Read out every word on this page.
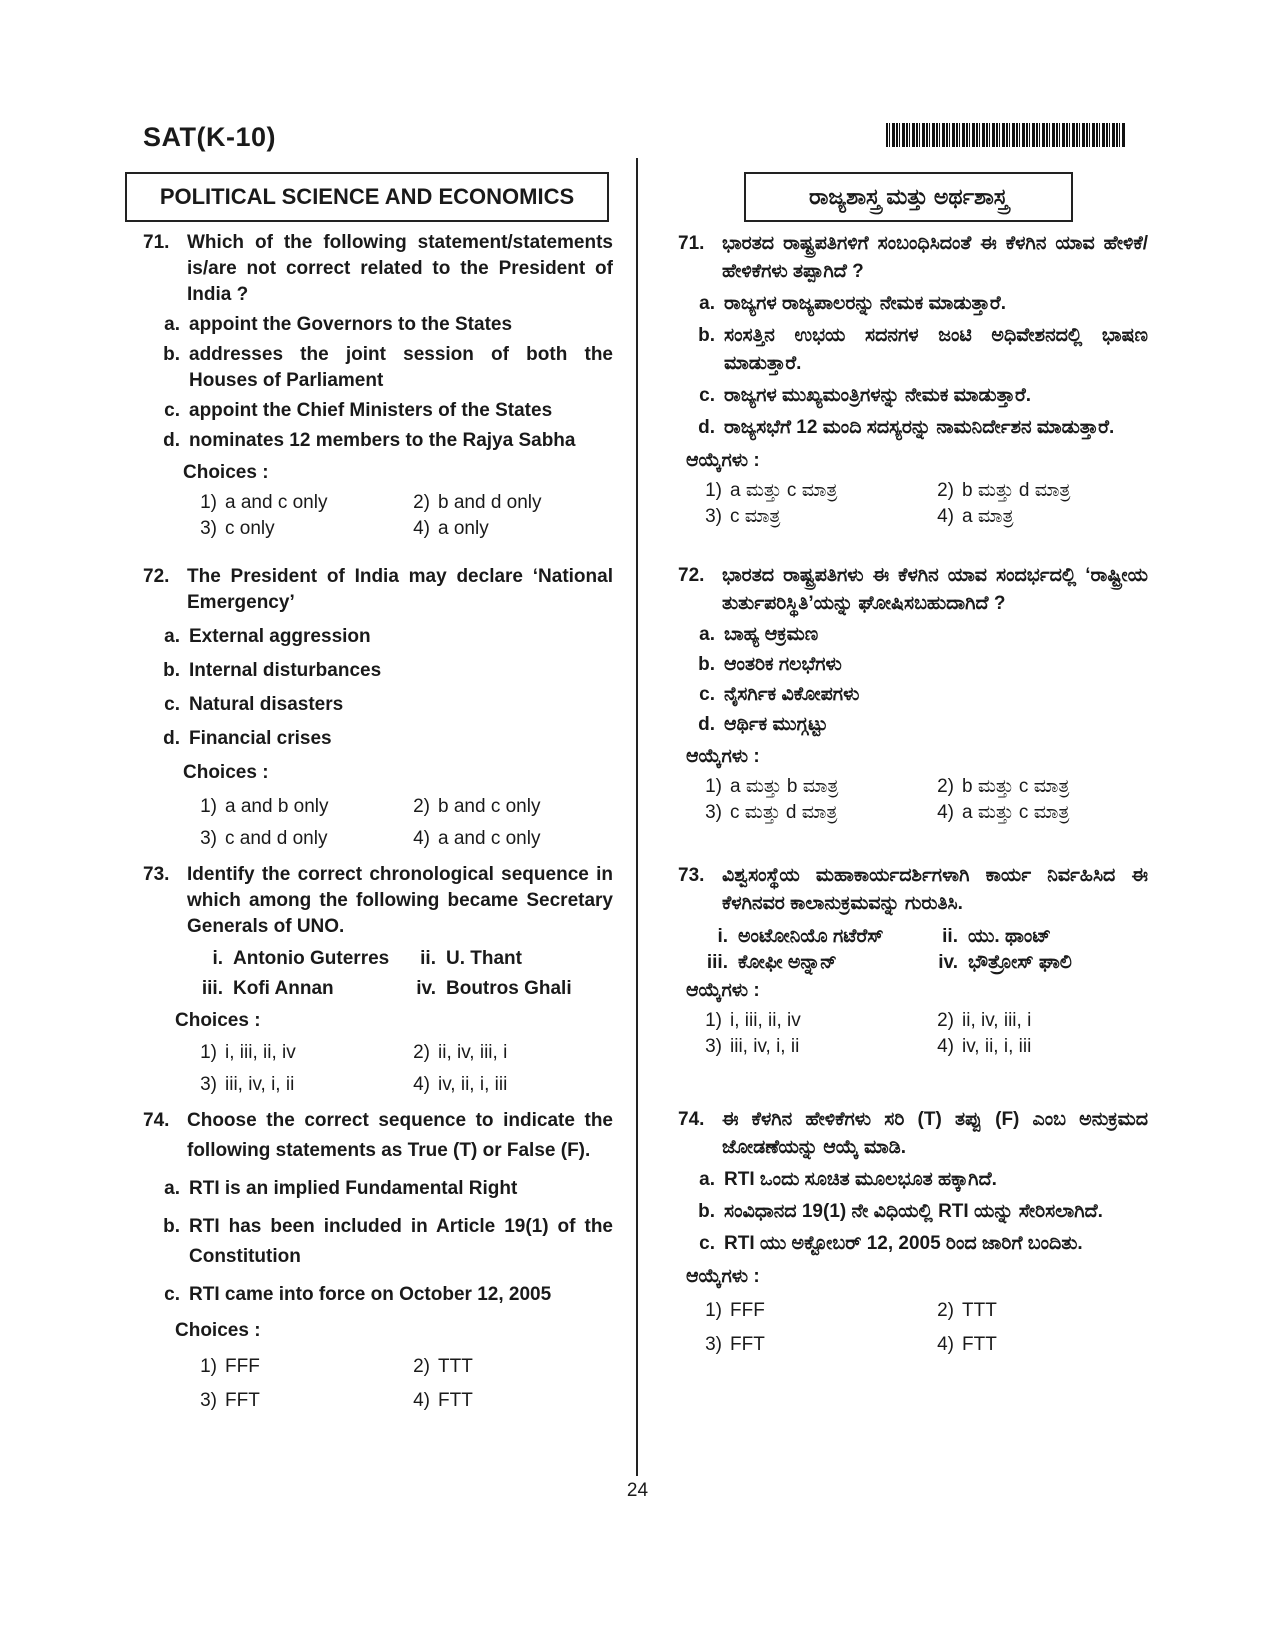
SAT(K-10)
POLITICAL SCIENCE AND ECONOMICS
71. Which of the following statement/statements is/are not correct related to the President of India ?
a. appoint the Governors to the States
b. addresses the joint session of both the Houses of Parliament
c. appoint the Chief Ministers of the States
d. nominates 12 members to the Rajya Sabha
Choices :
1) a and c only	2) b and d only
3) c only	4) a only
72. The President of India may declare ‘National Emergency’
a. External aggression
b. Internal disturbances
c. Natural disasters
d. Financial crises
Choices :
1) a and b only	2) b and c only
3) c and d only	4) a and c only
73. Identify the correct chronological sequence in which among the following became Secretary Generals of UNO.
i. Antonio Guterres	ii. U. Thant
iii. Kofi Annan	iv. Boutros Ghali
Choices :
1) i, iii, ii, iv	2) ii, iv, iii, i
3) iii, iv, i, ii	4) iv, ii, i, iii
74. Choose the correct sequence to indicate the following statements as True (T) or False (F).
a. RTI is an implied Fundamental Right
b. RTI has been included in Article 19(1) of the Constitution
c. RTI came into force on October 12, 2005
Choices :
1) FFF	2) TTT
3) FFT	4) FTT
ರಾಜ್ಯಶಾಸ್ತ್ರ ಮತ್ತು ಅರ್ಥಶಾಸ್ತ್ರ
71. ಭಾರತದ ರಾಷ್ಟ್ರಪತಿಗಳಿಗೆ ಸಂಬಂಧಿಸಿದಂತೆ ಈ ಕೆಳಗಿನ ಯಾವ ಹೇಳಿಕೆ/ಹೇಳಿಕೆಗಳು ತಪ್ಪಾಗಿದೆ ?
a. ರಾಜ್ಯಗಳ ರಾಜ್ಯಪಾಲರನ್ನು ನೇಮಕ ಮಾಡುತ್ತಾರೆ.
b. ಸಂಸತ್ತಿನ ಉಭಯ ಸದನಗಳ ಜಂಟಿ ಅಧಿವೇಶನದಲ್ಲಿ ಭಾಷಣ ಮಾಡುತ್ತಾರೆ.
c. ರಾಜ್ಯಗಳ ಮುಖ್ಯಮಂತ್ರಿಗಳನ್ನು ನೇಮಕ ಮಾಡುತ್ತಾರೆ.
d. ರಾಜ್ಯಸಭೆಗೆ 12 ಮಂದಿ ಸದಸ್ಯರನ್ನು ನಾಮನಿರ್ದೇಶನ ಮಾಡುತ್ತಾರೆ.
ಆಯ್ಕೆಗಳು :
1) a ಮತ್ತು c ಮಾತ್ರ	2) b ಮತ್ತು d ಮಾತ್ರ
3) c ಮಾತ್ರ	4) a ಮಾತ್ರ
72. ಭಾರತದ ರಾಷ್ಟ್ರಪತಿಗಳು ಈ ಕೆಳಗಿನ ಯಾವ ಸಂದರ್ಭದಲ್ಲಿ ‘ರಾಷ್ಟ್ರೀಯ ತುರ್ತುಪರಿಸ್ಥಿತಿ’ಯನ್ನು ಘೋಷಿಸಬಹುದಾಗಿದೆ ?
a. ಬಾಹ್ಯ ಆಕ್ರಮಣ
b. ಆಂತರಿಕ ಗಲಭೆಗಳು
c. ನೈಸರ್ಗಿಕ ವಿಕೋಪಗಳು
d. ಆರ್ಥಿಕ ಮುಗ್ಗಟ್ಟು
ಆಯ್ಕೆಗಳು :
1) a ಮತ್ತು b ಮಾತ್ರ	2) b ಮತ್ತು c ಮಾತ್ರ
3) c ಮತ್ತು d ಮಾತ್ರ	4) a ಮತ್ತು c ಮಾತ್ರ
73. ವಿಶ್ವಸಂಸ್ಥೆಯ ಮಹಾಕಾರ್ಯದರ್ಶಿಗಳಾಗಿ ಕಾರ್ಯ ನಿರ್ವಹಿಸಿದ ಈ ಕೆಳಗಿನವರ ಕಾಲಾನುಕ್ರಮವನ್ನು ಗುರುತಿಸಿ.
i. ಅಂಟೋನಿಯೊ ಗಟೆರೆಸ್	ii. ಯು. ಥಾಂಟ್
iii. ಕೋಫೀ ಅನ್ನಾನ್	iv. ಭೌತ್ರೋಸ್ ಘಾಲಿ
ಆಯ್ಕೆಗಳು :
1) i, iii, ii, iv	2) ii, iv, iii, i
3) iii, iv, i, ii	4) iv, ii, i, iii
74. ಈ ಕೆಳಗಿನ ಹೇಳಿಕೆಗಳು ಸರಿ (T) ತಪ್ಪು (F) ಎಂಬ ಅನುಕ್ರಮದ ಜೋಡಣೆಯನ್ನು ಆಯ್ಕೆ ಮಾಡಿ.
a. RTI ಒಂದು ಸೂಚಿತ ಮೂಲಭೂತ ಹಕ್ಕಾಗಿದೆ.
b. ಸಂವಿಧಾನದ 19(1) ನೇ ವಿಧಿಯಲ್ಲಿ RTI ಯನ್ನು ಸೇರಿಸಲಾಗಿದೆ.
c. RTI ಯು ಅಕ್ಟೋಬರ್ 12, 2005 ರಿಂದ ಜಾರಿಗೆ ಬಂದಿತು.
ಆಯ್ಕೆಗಳು :
1) FFF	2) TTT
3) FFT	4) FTT
24
